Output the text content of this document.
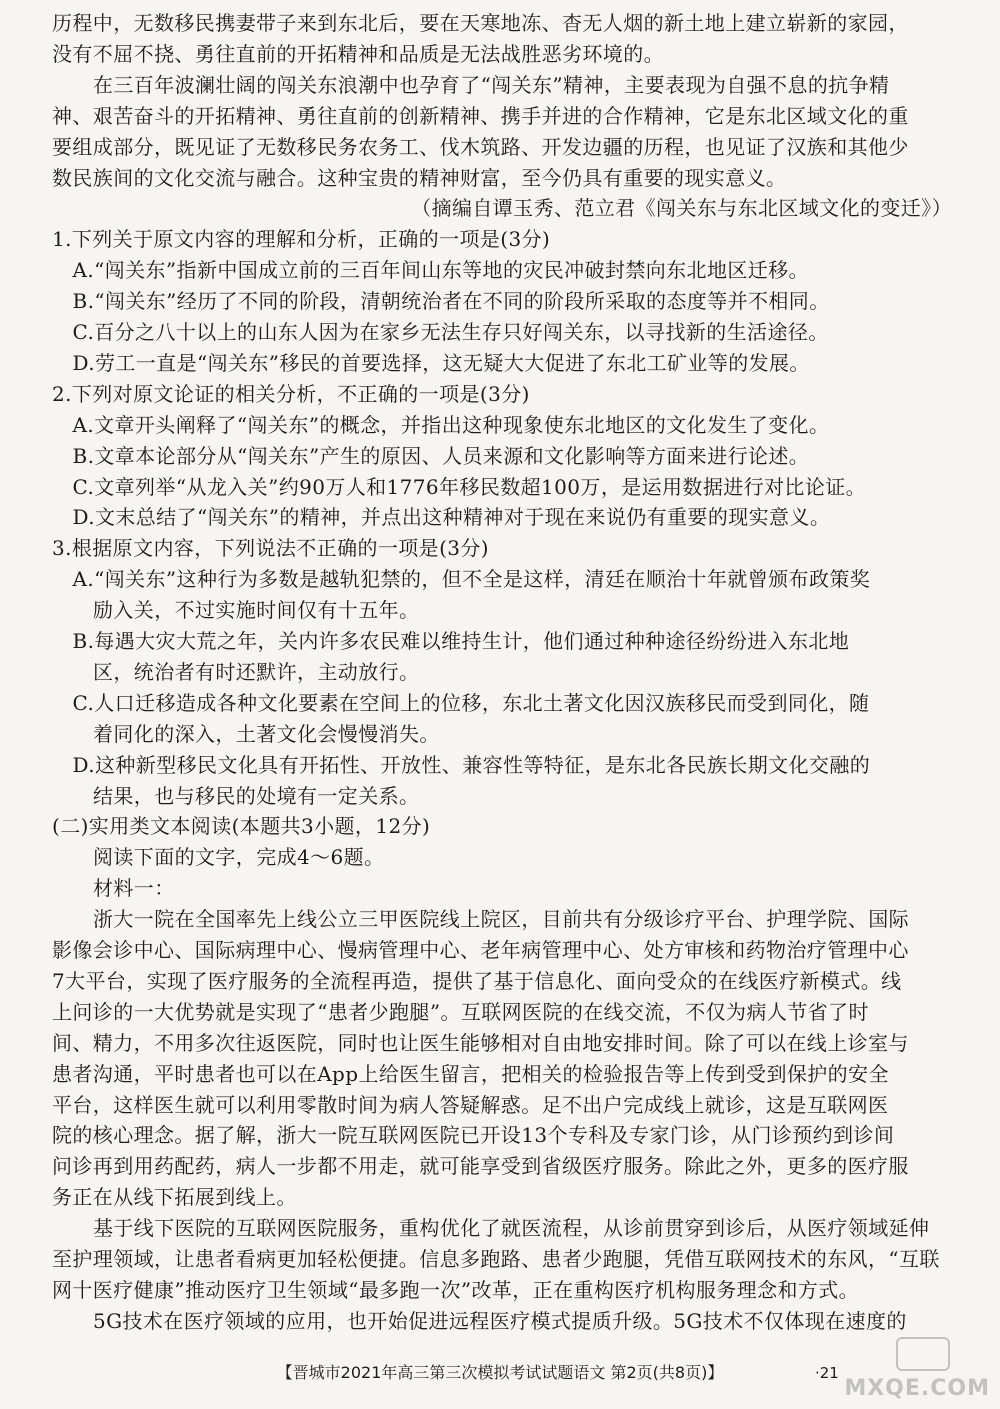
历程中，无数移民携妻带子来到东北后，要在天寒地冻、杳无人烟的新土地上建立崭新的家园，
没有不屈不挠、勇往直前的开拓精神和品质是无法战胜恶劣环境的。
在三百年波澜壮阔的闯关东浪潮中也孕育了“闯关东”精神，主要表现为自强不息的抗争精
神、艰苦奋斗的开拓精神、勇往直前的创新精神、携手并进的合作精神，它是东北区域文化的重
要组成部分，既见证了无数移民务农务工、伐木筑路、开发边疆的历程，也见证了汉族和其他少
数民族间的文化交流与融合。这种宝贵的精神财富，至今仍具有重要的现实意义。
（摘编自谭玉秀、范立君《闯关东与东北区域文化的变迁》）
1.下列关于原文内容的理解和分析，正确的一项是(3分)
A.“闯关东”指新中国成立前的三百年间山东等地的灾民冲破封禁向东北地区迁移。
B.“闯关东”经历了不同的阶段，清朝统治者在不同的阶段所采取的态度等并不相同。
C.百分之八十以上的山东人因为在家乡无法生存只好闯关东，以寻找新的生活途径。
D.劳工一直是“闯关东”移民的首要选择，这无疑大大促进了东北工矿业等的发展。
2.下列对原文论证的相关分析，不正确的一项是(3分)
A.文章开头阐释了“闯关东”的概念，并指出这种现象使东北地区的文化发生了变化。
B.文章本论部分从“闯关东”产生的原因、人员来源和文化影响等方面来进行论述。
C.文章列举“从龙入关”约90万人和1776年移民数超100万，是运用数据进行对比论证。
D.文末总结了“闯关东”的精神，并点出这种精神对于现在来说仍有重要的现实意义。
3.根据原文内容，下列说法不正确的一项是(3分)
A.“闯关东”这种行为多数是越轨犯禁的，但不全是这样，清廷在顺治十年就曾颁布政策奖
励入关，不过实施时间仅有十五年。
B.每遇大灾大荒之年，关内许多农民难以维持生计，他们通过种种途径纷纷进入东北地
区，统治者有时还默许，主动放行。
C.人口迁移造成各种文化要素在空间上的位移，东北土著文化因汉族移民而受到同化，随
着同化的深入，土著文化会慢慢消失。
D.这种新型移民文化具有开拓性、开放性、兼容性等特征，是东北各民族长期文化交融的
结果，也与移民的处境有一定关系。
(二)实用类文本阅读(本题共3小题，12分)
阅读下面的文字，完成4～6题。
材料一：
浙大一院在全国率先上线公立三甲医院线上院区，目前共有分级诊疗平台、护理学院、国际
影像会诊中心、国际病理中心、慢病管理中心、老年病管理中心、处方审核和药物治疗管理中心
7大平台，实现了医疗服务的全流程再造，提供了基于信息化、面向受众的在线医疗新模式。线
上问诊的一大优势就是实现了“患者少跑腿”。互联网医院的在线交流，不仅为病人节省了时
间、精力，不用多次往返医院，同时也让医生能够相对自由地安排时间。除了可以在线上诊室与
患者沟通，平时患者也可以在App上给医生留言，把相关的检验报告等上传到受到保护的安全
平台，这样医生就可以利用零散时间为病人答疑解惑。足不出户完成线上就诊，这是互联网医
院的核心理念。据了解，浙大一院互联网医院已开设13个专科及专家门诊，从门诊预约到诊间
问诊再到用药配药，病人一步都不用走，就可能享受到省级医疗服务。除此之外，更多的医疗服
务正在从线下拓展到线上。
基于线下医院的互联网医院服务，重构优化了就医流程，从诊前贯穿到诊后，从医疗领域延伸
至护理领域，让患者看病更加轻松便捷。信息多跑路、患者少跑腿，凭借互联网技术的东风，“互联
网十医疗健康”推动医疗卫生领域“最多跑一次”改革，正在重构医疗机构服务理念和方式。
5G技术在医疗领域的应用，也开始促进远程医疗模式提质升级。5G技术不仅体现在速度的
【晋城市2021年高三第三次模拟考试试题语文 第2页(共8页)】	·21
MXQE.COM
